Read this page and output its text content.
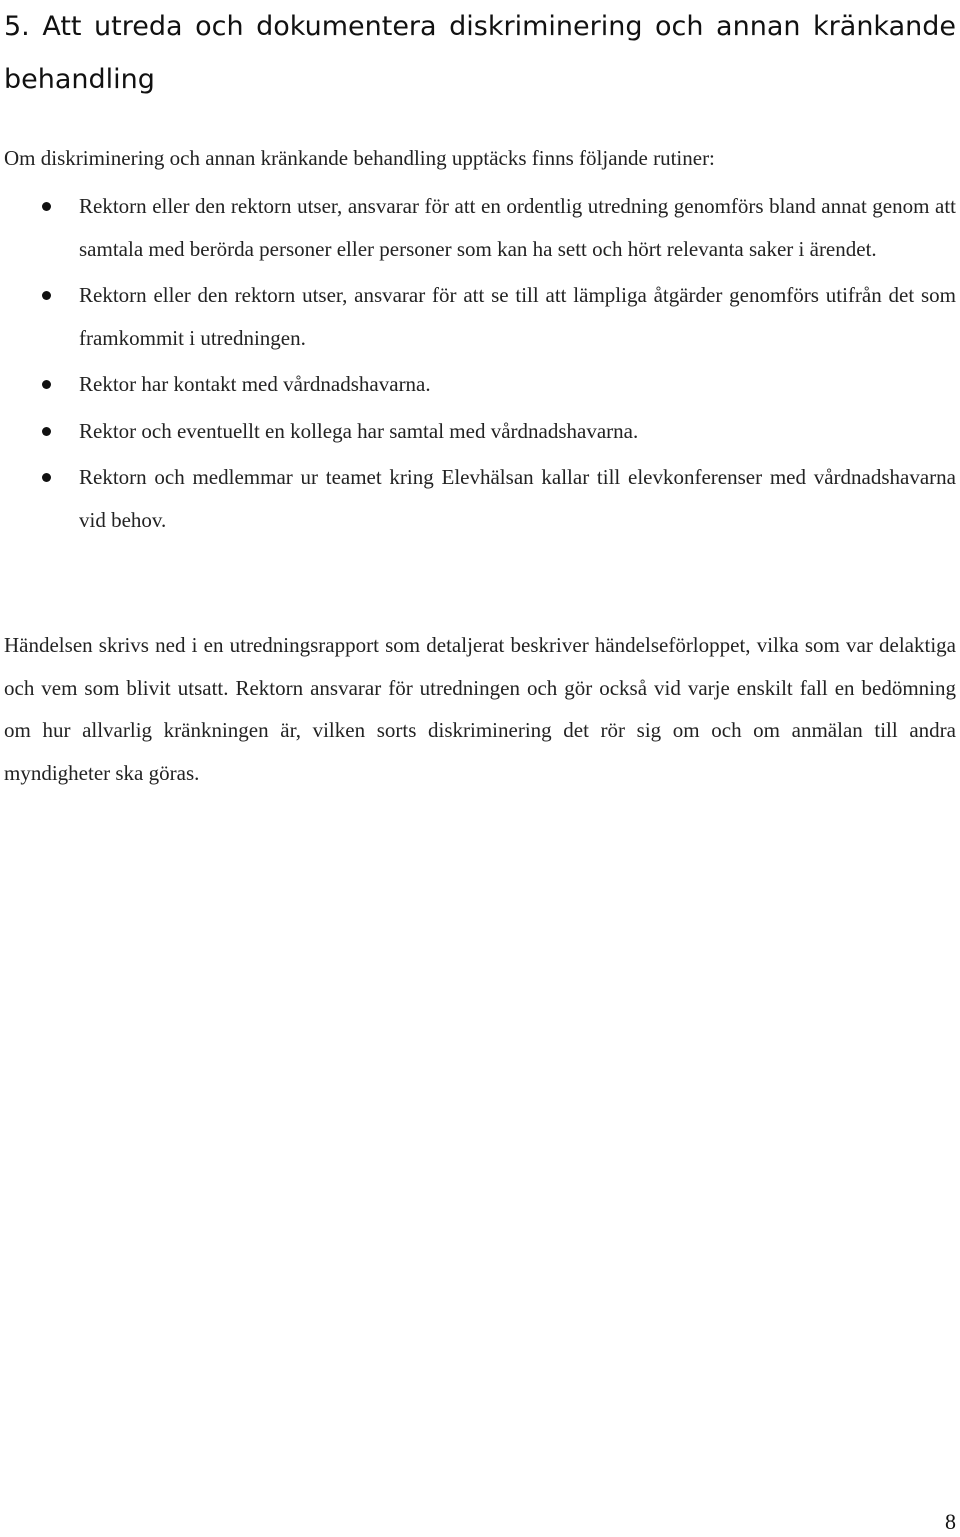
5. Att utreda och dokumentera diskriminering och annan kränkande behandling

Om diskriminering och annan kränkande behandling upptäcks finns följande rutiner:

Rektorn eller den rektorn utser, ansvarar för att en ordentlig utredning genomförs bland annat genom att samtala med berörda personer eller personer som kan ha sett och hört relevanta saker i ärendet.
Rektorn eller den rektorn utser, ansvarar för att se till att lämpliga åtgärder genomförs utifrån det som framkommit i utredningen.
Rektor har kontakt med vårdnadshavarna.
Rektor och eventuellt en kollega har samtal med vårdnadshavarna.
Rektorn och medlemmar ur teamet kring Elevhälsan kallar till elevkonferenser med vårdnadshavarna vid behov.

Händelsen skrivs ned i en utredningsrapport som detaljerat beskriver händelseförloppet, vilka som var delaktiga och vem som blivit utsatt. Rektorn ansvarar för utredningen och gör också vid varje enskilt fall en bedömning om hur allvarlig kränkningen är, vilken sorts diskriminering det rör sig om och om anmälan till andra myndigheter ska göras.

8
